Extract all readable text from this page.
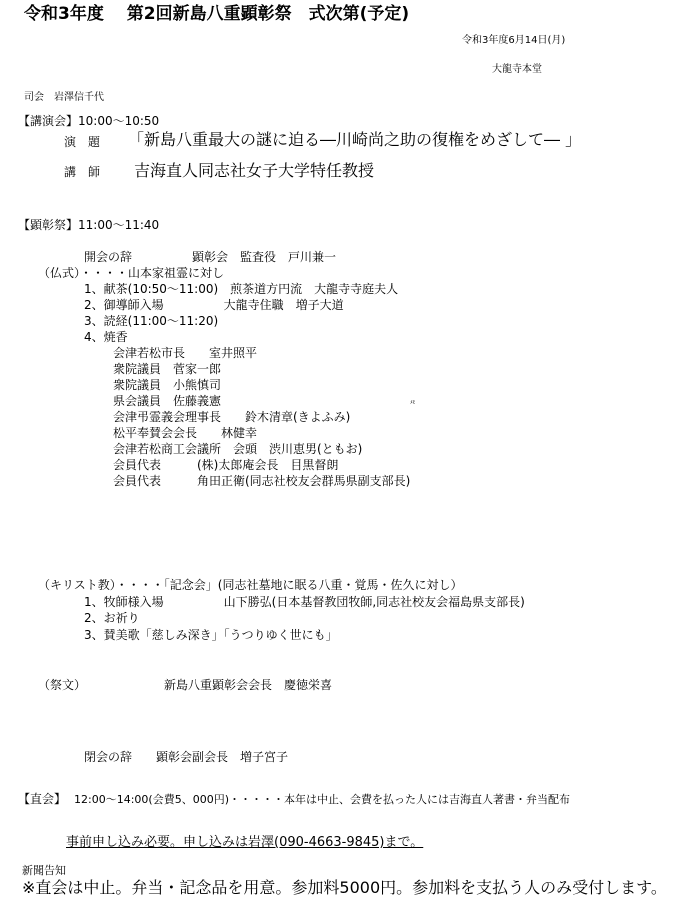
令和3年度　 第2回新島八重顕彰祭　式次第(予定)
令和3年度6月14日(月)
大龍寺本堂
司会　岩澤信千代
【講演会】10:00〜10:50
演　題 「新島八重最大の謎に迫る―川崎尚之助の復権をめざして― 」
講　師 吉海直人同志社女子大学特任教授
【顕彰祭】11:00〜11:40
開会の辞　　　　　顕彰会　監査役　戸川兼一
（仏式）・・・・山本家祖霊に対し
1、献茶(10:50〜11:00)　煎茶道方円流　大龍寺寺庭夫人
2、御導師入場　　　　　大龍寺住職　増子大道
3、読経(11:00〜11:20)
4、焼香
会津若松市長　　室井照平
衆院議員　菅家一郎
衆院議員　小熊慎司
県会議員　佐藤義憲	ﾒﾓ
会津弔霊義会理事長　　鈴木清章(きよふみ)
松平奉賛会会長　　林健幸
会津若松商工会議所　会頭　渋川恵男(ともお)
会員代表　　　(株)太郎庵会長　目黒督朗
会員代表　　　角田正衛(同志社校友会群馬県副支部長)
（キリスト教）・・・・「記念会」(同志社墓地に眠る八重・覚馬・佐久に対し）
1、牧師様入場　　　　　山下勝弘(日本基督教団牧師,同志社校友会福島県支部長)
2、お祈り
3、賛美歌「慈しみ深き」「うつりゆく世にも」
（祭文）　　　　　　　新島八重顕彰会会長　慶徳栄喜
閉会の辞　　顕彰会副会長　増子宮子
【直会】 12:00〜14:00(会費5、000円)・・・・・本年は中止、会費を払った人には吉海直人著書・弁当配布
事前申し込み必要。申し込みは岩澤(090-4663-9845)まで。
新聞告知
※直会は中止。弁当・記念品を用意。参加料5000円。参加料を支払う人のみ受付します。
